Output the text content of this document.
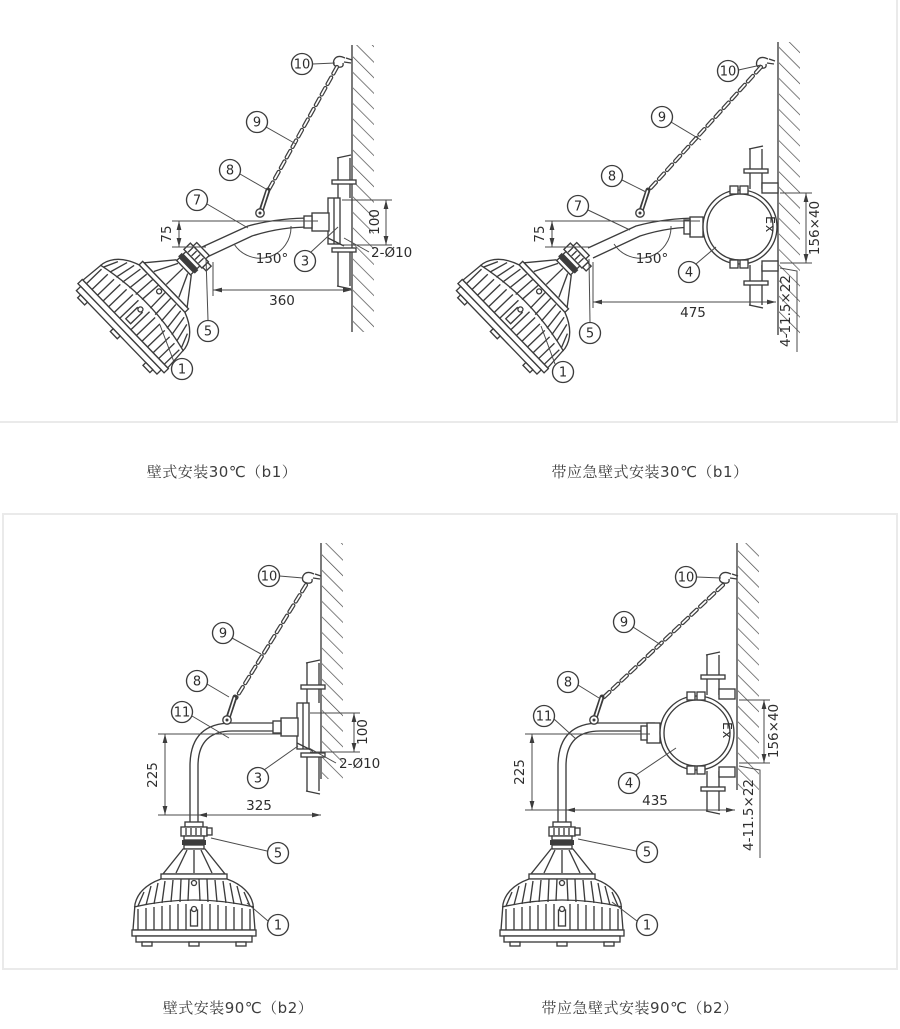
75
150°
100
2-Ø10
360
10
9
8
7
3
5
1
Ex
75
150°
156×40
4-11.5×22
475
10
9
8
7
4
5
1
100
2-Ø10
225
325
10
9
8
11
3
5
1
Ex
225
435
156×40
4-11.5×22
10
9
8
11
4
5
1
壁式安装30℃（b1）	带应急壁式安装30℃（b1）
壁式安装90℃（b2）	带应急壁式安装90℃（b2）
